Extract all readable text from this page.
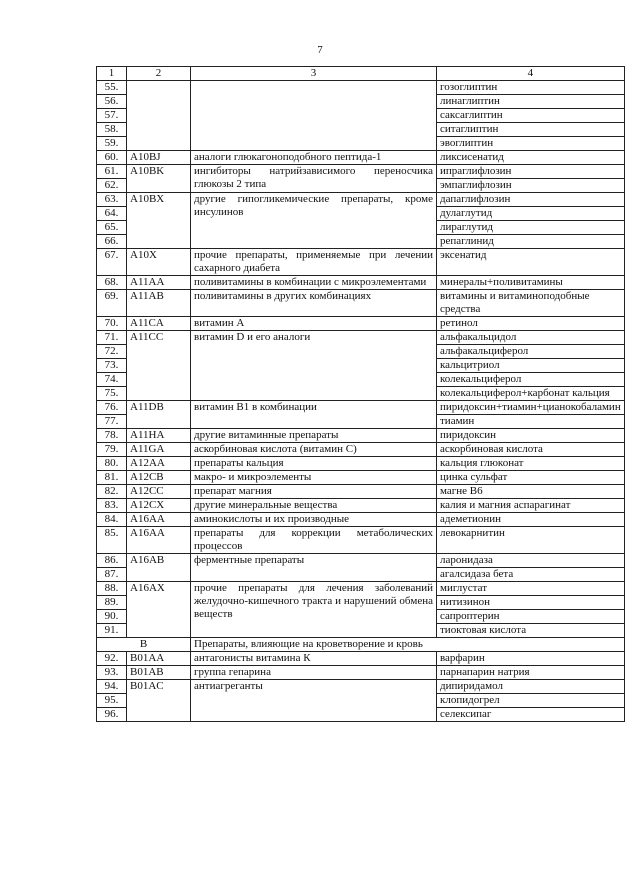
7
1	2	3	4
55.			гозоглиптин
56.			линаглиптин
57.			саксаглиптин
58.			ситаглиптин
59.			эвоглиптин
60.	A10BJ	аналоги глюкагоноподобного пептида-1	ликсисенатид
61.	A10BK	ингибиторы натрийзависимого переносчика глюкозы 2 типа	ипраглифлозин
62.			эмпаглифлозин
63.	A10BX	другие гипогликемические препараты, кроме инсулинов	дапаглифлозин
64.			дулаглутид
65.			лираглутид
66.			репаглинид
67.	A10X	прочие препараты, применяемые при лечении сахарного диабета	эксенатид
68.	A11AA	поливитамины в комбинации с микроэлементами	минералы+поливитамины
69.	A11AB	поливитамины в других комбинациях	витамины и витаминоподобные средства
70.	A11CA	витамин А	ретинол
71.	A11CC	витамин D и его аналоги	альфакальцидол
72.			альфакальциферол
73.			кальцитриол
74.			колекальциферол
75.			колекальциферол+карбонат кальция
76.	A11DB	витамин В1 в комбинации	пиридоксин+тиамин+цианокобаламин
77.			тиамин
78.	A11HA	другие витаминные препараты	пиридоксин
79.	A11GA	аскорбиновая кислота (витамин С)	аскорбиновая кислота
80.	A12AA	препараты кальция	кальция глюконат
81.	A12CB	макро- и микроэлементы	цинка сульфат
82.	A12CC	препарат магния	магне В6
83.	A12CX	другие минеральные вещества	калия и магния аспарагинат
84.	A16AA	аминокислоты и их производные	адеметионин
85.	A16AA	препараты для коррекции метаболических процессов	левокарнитин
86.	A16AB	ферментные препараты	ларонидаза
87.			агалсидаза бета
88.	A16AX	прочие препараты для лечения заболеваний желудочно-кишечного тракта и нарушений обмена веществ	миглустат
89.			нитизинон
90.			сапроптерин
91.			тиоктовая кислота
В		Препараты, влияющие на кроветворение и кровь	
92.	B01AA	антагонисты витамина К	варфарин
93.	B01AB	группа гепарина	парнапарин натрия
94.	B01AC	антиагреганты	дипиридамол
95.			клопидогрел
96.			селексипаг
